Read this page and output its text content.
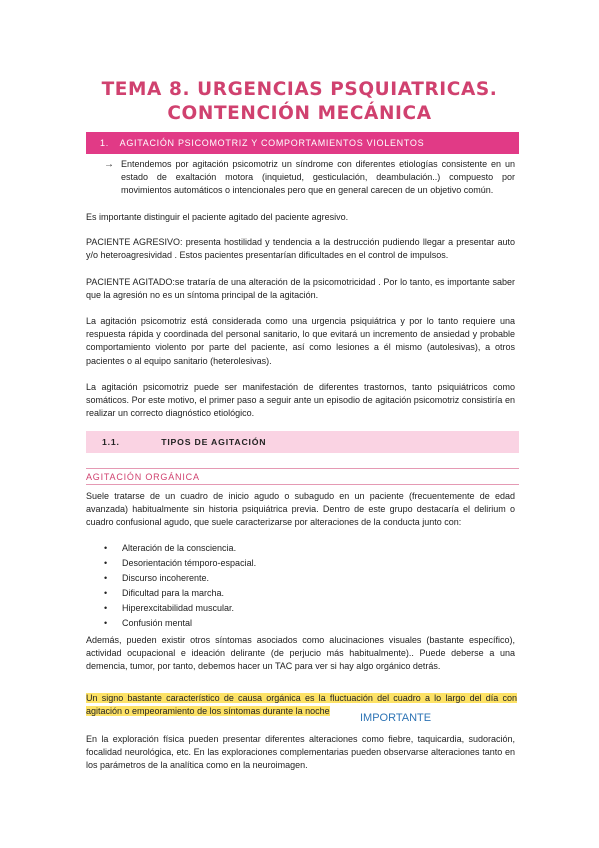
TEMA 8. URGENCIAS PSQUIATRICAS.
CONTENCIÓN MECÁNICA
1. AGITACIÓN PSICOMOTRIZ Y COMPORTAMIENTOS VIOLENTOS
→ Entendemos por agitación psicomotriz un síndrome con diferentes etiologías consistente en un estado de exaltación motora (inquietud, gesticulación, deambulación..) compuesto por movimientos automáticos o intencionales pero que en general carecen de un objetivo común.
Es importante distinguir el paciente agitado del paciente agresivo.
PACIENTE AGRESIVO: presenta hostilidad y tendencia a la destrucción pudiendo llegar a presentar auto y/o heteroagresividad . Estos pacientes presentarían dificultades en el control de impulsos.
PACIENTE AGITADO:se trataría de una alteración de la psicomotricidad . Por lo tanto, es importante saber que la agresión no es un síntoma principal de la agitación.
La agitación psicomotriz está considerada como una urgencia psiquiátrica y por lo tanto requiere una respuesta rápida y coordinada del personal sanitario, lo que evitará un incremento de ansiedad y probable comportamiento violento por parte del paciente, así como lesiones a él mismo (autolesivas), a otros pacientes o al equipo sanitario (heterolesivas).
La agitación psicomotriz puede ser manifestación de diferentes trastornos, tanto psiquiátricos como somáticos. Por este motivo, el primer paso a seguir ante un episodio de agitación psicomotriz consistiría en realizar un correcto diagnóstico etiológico.
1.1.	TIPOS DE AGITACIÓN
AGITACIÓN ORGÁNICA
Suele tratarse de un cuadro de inicio agudo o subagudo en un paciente (frecuentemente de edad avanzada) habitualmente sin historia psiquiátrica previa. Dentro de este grupo destacaría el delirium o cuadro confusional agudo, que suele caracterizarse por alteraciones de la conducta junto con:
• Alteración de la consciencia.
• Desorientación témporo-espacial.
• Discurso incoherente.
• Dificultad para la marcha.
• Hiperexcitabilidad muscular.
• Confusión mental
Además, pueden existir otros síntomas asociados como alucinaciones visuales (bastante específico), actividad ocupacional e ideación delirante (de perjucio más habitualmente).. Puede deberse a una demencia, tumor, por tanto, debemos hacer un TAC para ver si hay algo orgánico detrás.
Un signo bastante característico de causa orgánica es la fluctuación del cuadro a lo largo del día con agitación o empeoramiento de los síntomas durante la noche
IMPORTANTE
En la exploración física pueden presentar diferentes alteraciones como fiebre, taquicardia, sudoración, focalidad neurológica, etc. En las exploraciones complementarias pueden observarse alteraciones tanto en los parámetros de la analítica como en la neuroimagen.
